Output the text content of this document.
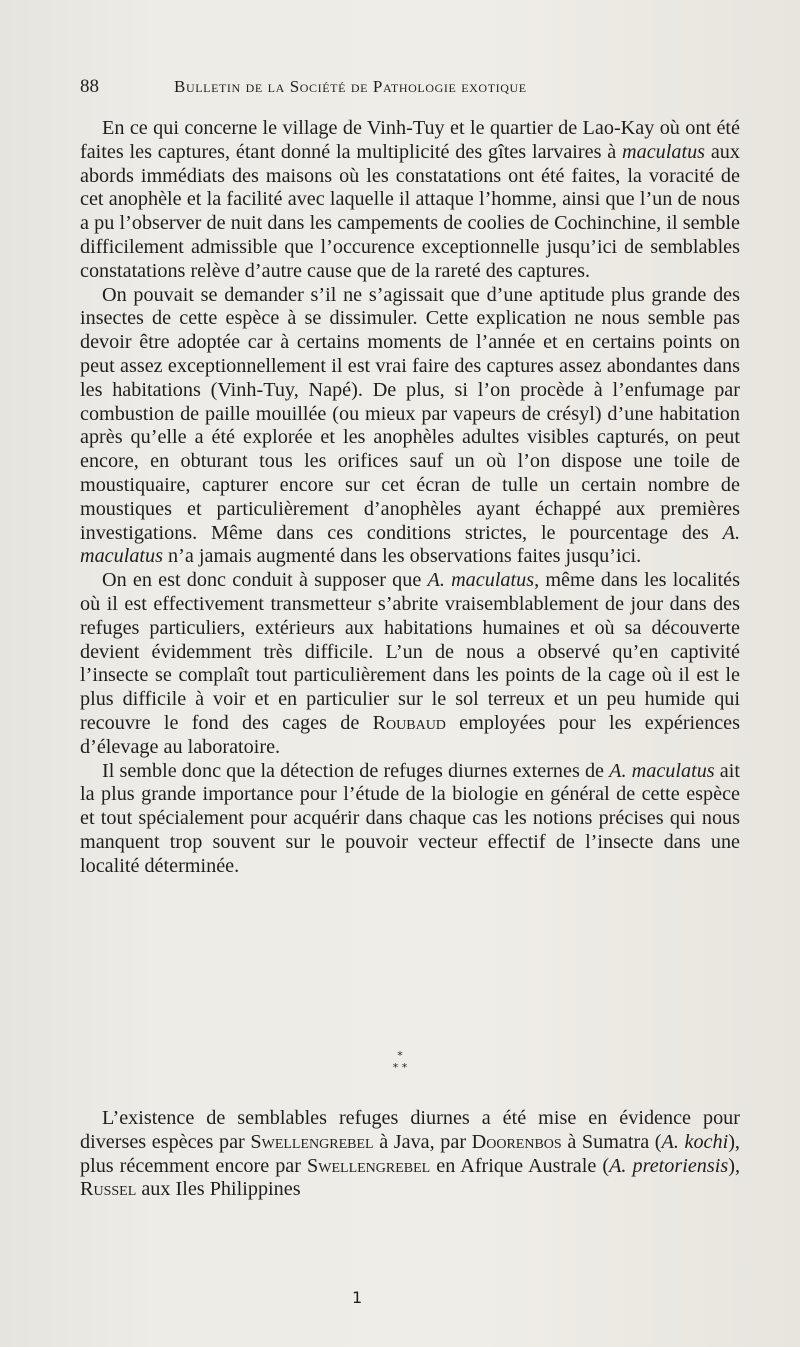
88	Bulletin de la Société de Pathologie exotique

En ce qui concerne le village de Vinh-Tuy et le quartier de Lao-Kay où ont été faites les captures, étant donné la multiplicité des gîtes larvaires à maculatus aux abords immédiats des maisons où les constatations ont été faites, la voracité de cet anophèle et la facilité avec laquelle il attaque l’homme, ainsi que l’un de nous a pu l’observer de nuit dans les campements de coolies de Cochinchine, il semble difficilement admissible que l’occurence exceptionnelle jusqu’ici de semblables constatations relève d’autre cause que de la rareté des captures.

On pouvait se demander s’il ne s’agissait que d’une aptitude plus grande des insectes de cette espèce à se dissimuler. Cette explication ne nous semble pas devoir être adoptée car à certains moments de l’année et en certains points on peut assez exceptionnellement il est vrai faire des captures assez abondantes dans les habitations (Vinh-Tuy, Napé). De plus, si l’on procède à l’enfumage par combustion de paille mouillée (ou mieux par vapeurs de crésyl) d’une habitation après qu’elle a été explorée et les anophèles adultes visibles capturés, on peut encore, en obturant tous les orifices sauf un où l’on dispose une toile de moustiquaire, capturer encore sur cet écran de tulle un certain nombre de moustiques et particulièrement d’anophèles ayant échappé aux premières investigations. Même dans ces conditions strictes, le pourcentage des A. maculatus n’a jamais augmenté dans les observations faites jusqu’ici.

On en est donc conduit à supposer que A. maculatus, même dans les localités où il est effectivement transmetteur s’abrite vraisemblablement de jour dans des refuges particuliers, extérieurs aux habitations humaines et où sa découverte devient évidemment très difficile. L’un de nous a observé qu’en captivité l’insecte se complaît tout particulièrement dans les points de la cage où il est le plus difficile à voir et en particulier sur le sol terreux et un peu humide qui recouvre le fond des cages de Roubaud employées pour les expériences d’élevage au laboratoire.

Il semble donc que la détection de refuges diurnes externes de A. maculatus ait la plus grande importance pour l’étude de la biologie en général de cette espèce et tout spécialement pour acquérir dans chaque cas les notions précises qui nous manquent trop souvent sur le pouvoir vecteur effectif de l’insecte dans une localité déterminée.

*
* *

L’existence de semblables refuges diurnes a été mise en évidence pour diverses espèces par Swellengrebel à Java, par Doorenbos à Sumatra (A. kochi), plus récemment encore par Swellengrebel en Afrique Australe (A. pretoriensis), Russel aux Iles Philippines

1
